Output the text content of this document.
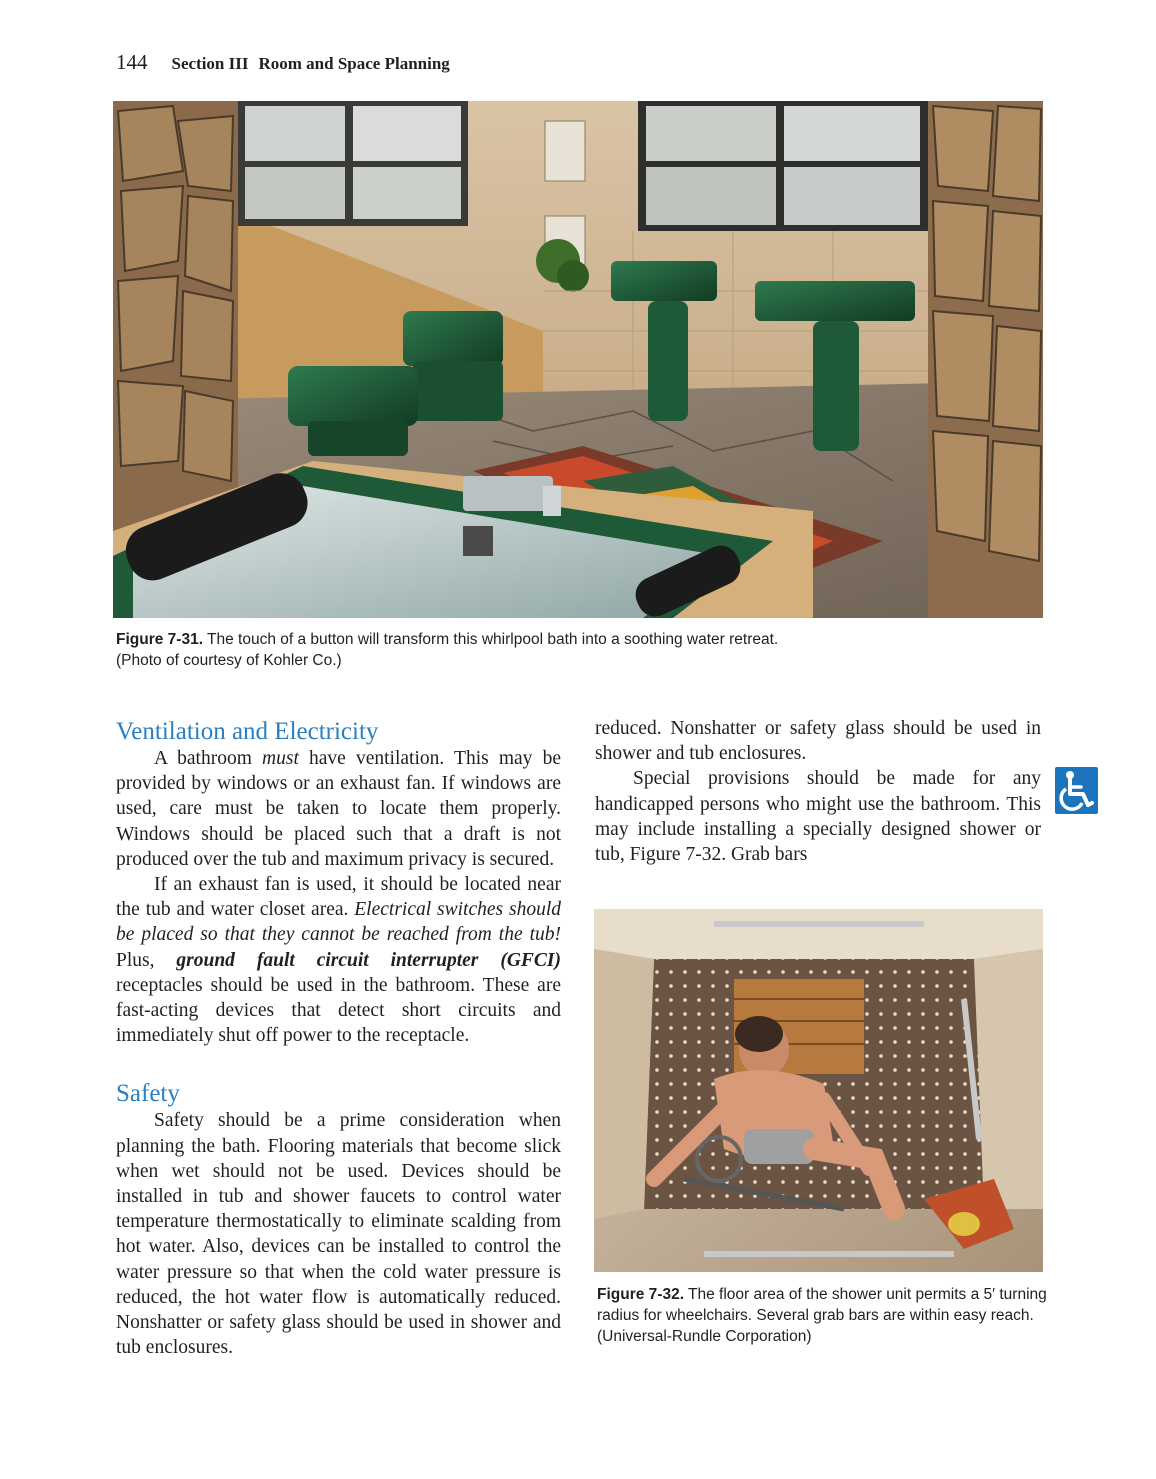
144 Section III Room and Space Planning
Figure 7-31. The touch of a button will transform this whirlpool bath into a soothing water retreat.
(Photo of courtesy of Kohler Co.)
Ventilation and Electricity

A bathroom must have ventilation. This may be provided by windows or an exhaust fan. If windows are used, care must be taken to locate them properly. Windows should be placed such that a draft is not produced over the tub and maximum privacy is secured.

If an exhaust fan is used, it should be located near the tub and water closet area. Electrical switches should be placed so that they cannot be reached from the tub! Plus, ground fault circuit interrupter (GFCI) receptacles should be used in the bathroom. These are fast-acting devices that detect short circuits and immediately shut off power to the receptacle.

Safety

Safety should be a prime consideration when planning the bath. Flooring materials that become slick when wet should not be used. Devices should be installed in tub and shower faucets to control water temperature thermostatically to eliminate scalding from hot water. Also, devices can be installed to control the water pressure so that when the cold water pressure is reduced, the hot water flow is automatically reduced. Nonshatter or safety glass should be used in shower and tub enclosures.

reduced. Nonshatter or safety glass should be used in shower and tub enclosures.

Special provisions should be made for any handicapped persons who might use the bathroom. This may include installing a specially designed shower or tub, Figure 7-32. Grab bars

Figure 7-32. The floor area of the shower unit permits a 5′ turning radius for wheelchairs. Several grab bars are within easy reach.
(Universal-Rundle Corporation)
